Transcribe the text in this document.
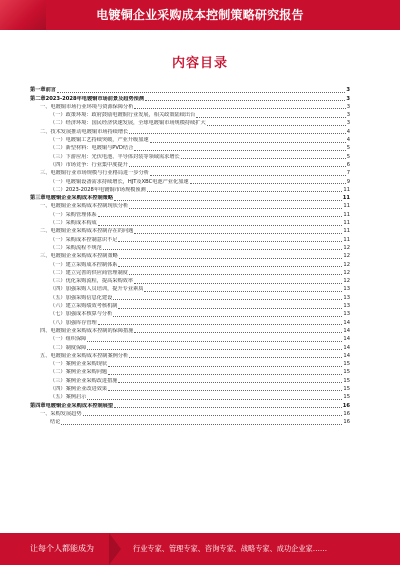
电镀铜企业采购成本控制策略研究报告
内容目录
第一章 前言	3
第二章 2023-2028年电镀铜市场前景及趋势预测	3
一、 电镀铜市场行业环境与资源保障分析	3
（一）政策环境：政府鼓励电镀铜行业发展，相关政策陆续出台	3
（二）经济环境：国民经济快速发展，全球电镀铜市场规模持续扩大	3
二、 技术发展推动电镀铜市场持续增长	4
（一）电镀铜工艺持续突破，产业升级加速	4
（二）新型材料：电镀铜与PVD结合	5
（三）下游应用：光伏电池、半导体封装等领域需求增长	5
（四）市场竞争：行业集中度提升	6
三、 电镀铜行业市场规模与行业格局进一步分析	7
（一）电镀铜设备需求持续增长，HJT及XBC电池产业化加速	9
（二）2023-2028年电镀铜市场规模预测	11
第三章 电镀铜企业采购成本控制策略	11
一、 电镀铜企业采购成本控制现状分析	11
（一）采购管理体系	11
（二）采购成本构成	11
二、 电镀铜企业采购成本控制存在的问题	11
（一）采购成本控制意识不足	11
（二）采购流程不规范	12
三、 电镀铜企业采购成本控制策略	12
（一）建立采购成本控制体系	12
（二）建立完善的供应商管理制度	12
（三）优化采购流程，提高采购效率	12
（四）加强采购人员培训，提升专业素质	13
（五）加强采购信息化建设	13
（六）建立采购绩效考核机制	13
（七）加强成本核算与分析	13
（八）加强库存管理	14
四、 电镀铜企业采购成本控制的保障措施	14
（一）组织保障	14
（二）制度保障	14
五、 电镀铜企业采购成本控制案例分析	14
（一）案例企业采购现状	15
（二）案例企业采购问题	15
（三）案例企业采购改进措施	15
（四）案例企业改进效果	15
（五）案例启示	15
第四章 电镀铜企业采购成本控制展望	16
一、 采购发展趋势	16
结论	16
让每个人都能成为	行业专家、管理专家、咨询专家、战略专家、成功企业家……
